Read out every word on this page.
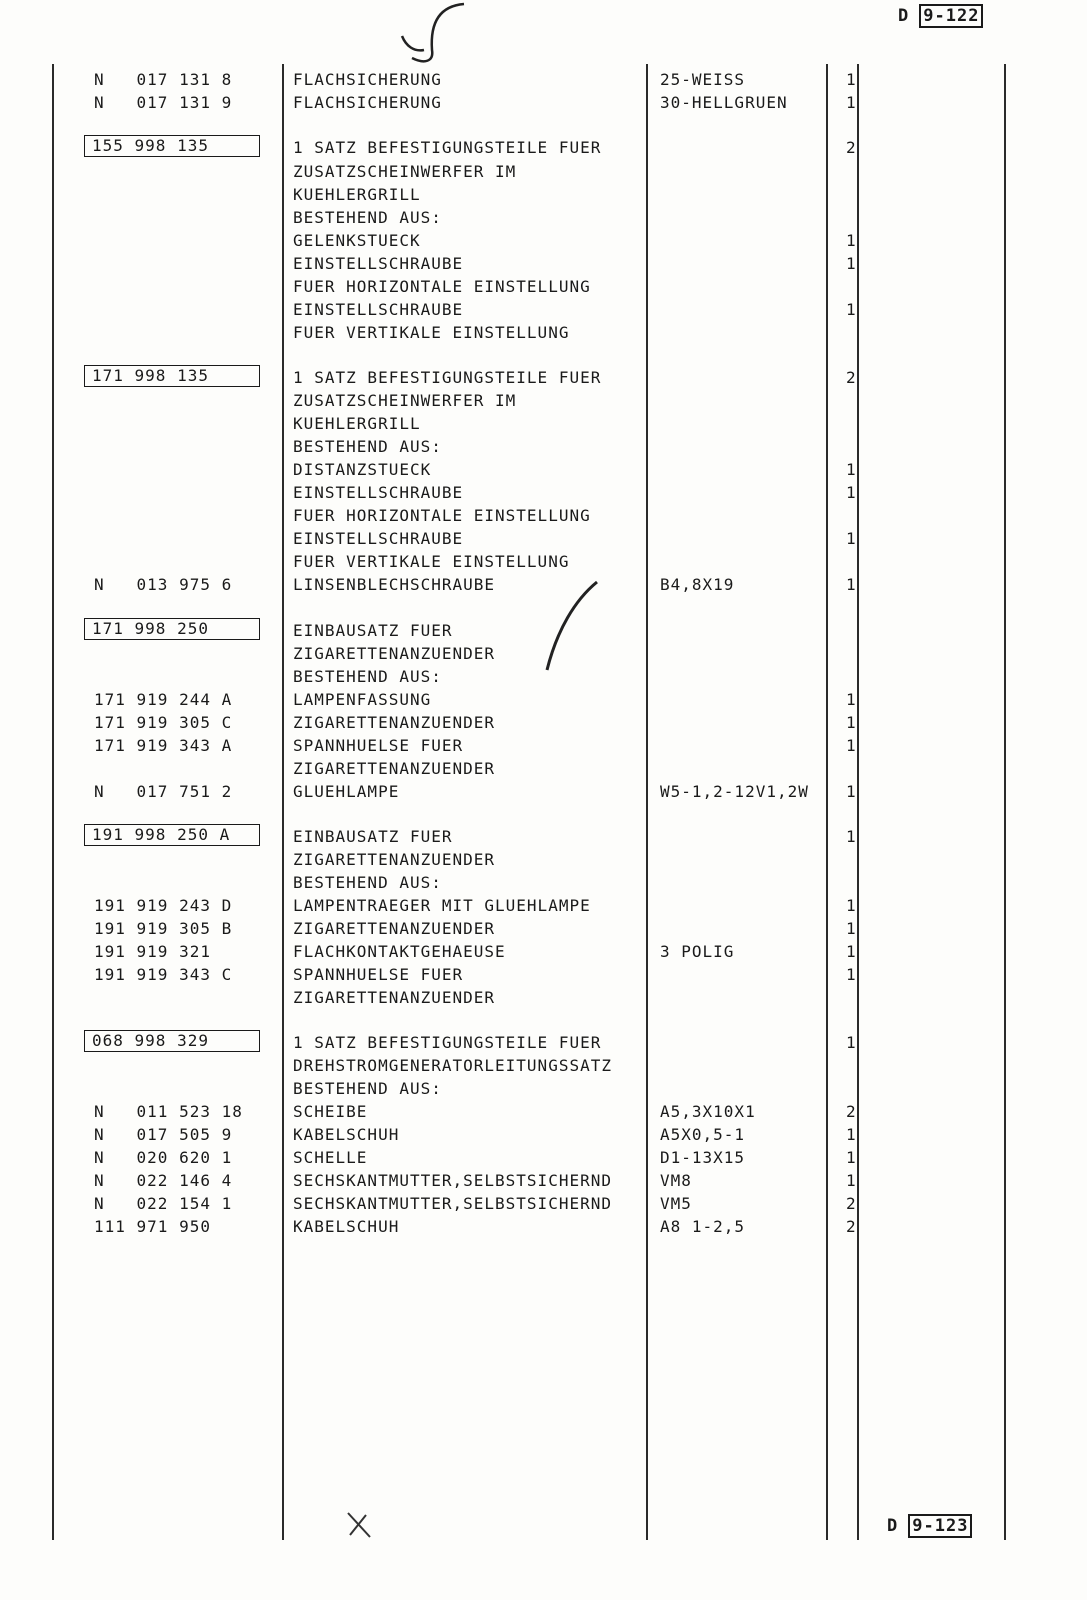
D 9-122
N   017 131 8	FLACHSICHERUNG	25-WEISS	1
N   017 131 9	FLACHSICHERUNG	30-HELLGRUEN	1
155 998 135	1 SATZ BEFESTIGUNGSTEILE FUER	2
ZUSATZSCHEINWERFER IM
KUEHLERGRILL
BESTEHEND AUS:
GELENKSTUECK	1
EINSTELLSCHRAUBE	1
FUER HORIZONTALE EINSTELLUNG
EINSTELLSCHRAUBE	1
FUER VERTIKALE EINSTELLUNG
171 998 135	1 SATZ BEFESTIGUNGSTEILE FUER	2
ZUSATZSCHEINWERFER IM
KUEHLERGRILL
BESTEHEND AUS:
DISTANZSTUECK	1
EINSTELLSCHRAUBE	1
FUER HORIZONTALE EINSTELLUNG
EINSTELLSCHRAUBE	1
FUER VERTIKALE EINSTELLUNG
N   013 975 6	LINSENBLECHSCHRAUBE	B4,8X19	1
171 998 250	EINBAUSATZ FUER
ZIGARETTENANZUENDER
BESTEHEND AUS:
171 919 244 A	LAMPENFASSUNG	1
171 919 305 C	ZIGARETTENANZUENDER	1
171 919 343 A	SPANNHUELSE FUER	1
ZIGARETTENANZUENDER
N   017 751 2	GLUEHLAMPE	W5-1,2-12V1,2W 1
191 998 250 A	EINBAUSATZ FUER	1
ZIGARETTENANZUENDER
BESTEHEND AUS:
191 919 243 D	LAMPENTRAEGER MIT GLUEHLAMPE	1
191 919 305 B	ZIGARETTENANZUENDER	1
191 919 321	FLACHKONTAKTGEHAEUSE	3 POLIG	1
191 919 343 C	SPANNHUELSE FUER	1
ZIGARETTENANZUENDER
068 998 329	1 SATZ BEFESTIGUNGSTEILE FUER	1
DREHSTROMGENERATORLEITUNGSSATZ
BESTEHEND AUS:
N   011 523 18	SCHEIBE	A5,3X10X1	2
N   017 505 9	KABELSCHUH	A5X0,5-1	1
N   020 620 1	SCHELLE	D1-13X15	1
N   022 146 4	SECHSKANTMUTTER,SELBSTSICHERND	VM8	1
N   022 154 1	SECHSKANTMUTTER,SELBSTSICHERND	VM5	2
111 971 950	KABELSCHUH	A8 1-2,5	2
D 9-123
